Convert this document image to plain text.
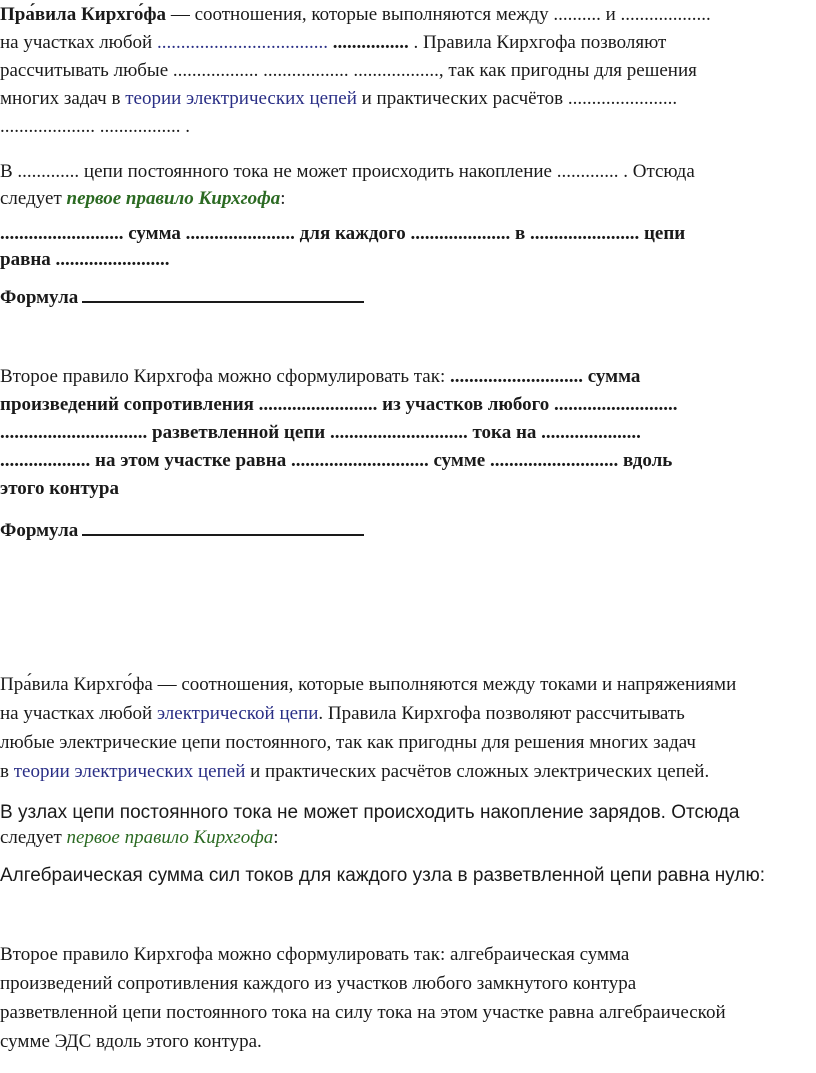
Пра́вила Кирхго́фа — соотношения, которые выполняются между .......... и ...................

на участках любой .................................... ................ . Правила Кирхгофа позволяют

рассчитывать любые .................. .................. .................., так как пригодны для решения

многих задач в теории электрических цепей и практических расчётов .......................

.................... ................. .

В ............. цепи постоянного тока не может происходить накопление ............. . Отсюда

следует первое правило Кирхгофа:

.......................... сумма ....................... для каждого ..................... в ....................... цепи

равна ........................

Формула

Второе правило Кирхгофа можно сформулировать так: ............................ сумма

произведений сопротивления ......................... из участков любого ..........................

............................... разветвленной цепи ............................. тока на .....................

................... на этом участке равна ............................. сумме ........................... вдоль

этого контура

Формула

Пра́вила Кирхго́фа — соотношения, которые выполняются между токами и напряжениями

на участках любой электрической цепи. Правила Кирхгофа позволяют рассчитывать

любые электрические цепи постоянного, так как пригодны для решения многих задач

в теории электрических цепей и практических расчётов сложных электрических цепей.

В узлах цепи постоянного тока не может происходить накопление зарядов. Отсюда

следует первое правило Кирхгофа:

Алгебраическая сумма сил токов для каждого узла в разветвленной цепи равна нулю:

Второе правило Кирхгофа можно сформулировать так: алгебраическая сумма

произведений сопротивления каждого из участков любого замкнутого контура

разветвленной цепи постоянного тока на силу тока на этом участке равна алгебраической

сумме ЭДС вдоль этого контура.
